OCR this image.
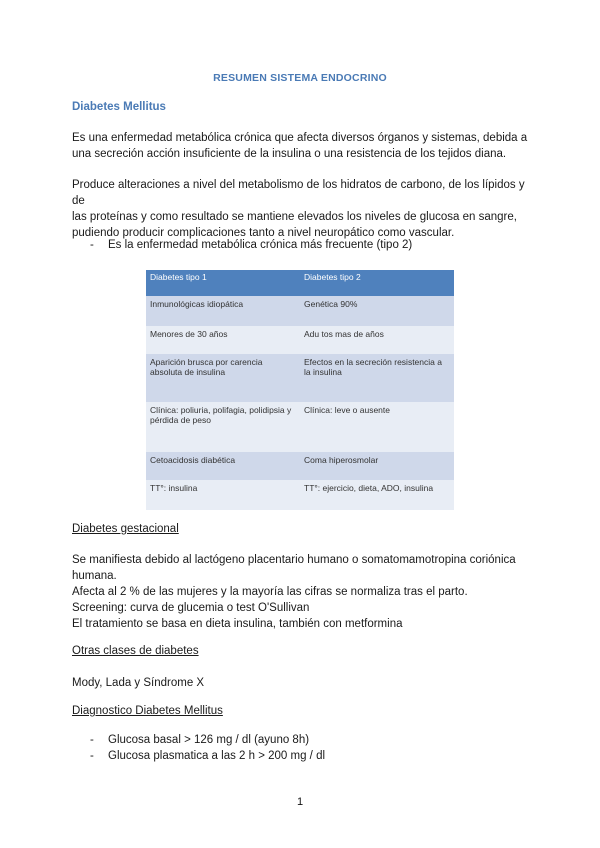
RESUMEN SISTEMA ENDOCRINO
Diabetes Mellitus
Es una enfermedad metabólica crónica que afecta diversos órganos y sistemas, debida a
una secreción acción insuficiente de la insulina o una resistencia de los tejidos diana.
Produce alteraciones a nivel del metabolismo de los hidratos de carbono, de los lípidos y de
las proteínas y como resultado se mantiene elevados los niveles de glucosa en sangre,
pudiendo producir complicaciones tanto a nivel neuropático como vascular.
- Es la enfermedad metabólica crónica más frecuente (tipo 2)
Diabetes tipo 1	Diabetes tipo 2
Inmunológicas idiopática	Genética 90%
Menores de 30 años	Adu tos mas de años
Aparición brusca por carencia absoluta de insulina	Efectos en la secreción resistencia a la insulina
Clínica: poliuria, polifagia, polidipsia y pérdida de peso	Clínica: leve o ausente
Cetoacidosis diabética	Coma hiperosmolar
TT°: insulina	TT°: ejercicio, dieta, ADO, insulina
Diabetes gestacional
Se manifiesta debido al lactógeno placentario humano o somatomamotropina coriónica
humana.
Afecta al 2 % de las mujeres y la mayoría las cifras se normaliza tras el parto.
Screening: curva de glucemia o test O'Sullivan
El tratamiento se basa en dieta insulina, también con metformina
Otras clases de diabetes
Mody, Lada y Síndrome X
Diagnostico Diabetes Mellitus
- Glucosa basal > 126 mg / dl (ayuno 8h)
- Glucosa plasmatica a las 2 h > 200 mg / dl
1
